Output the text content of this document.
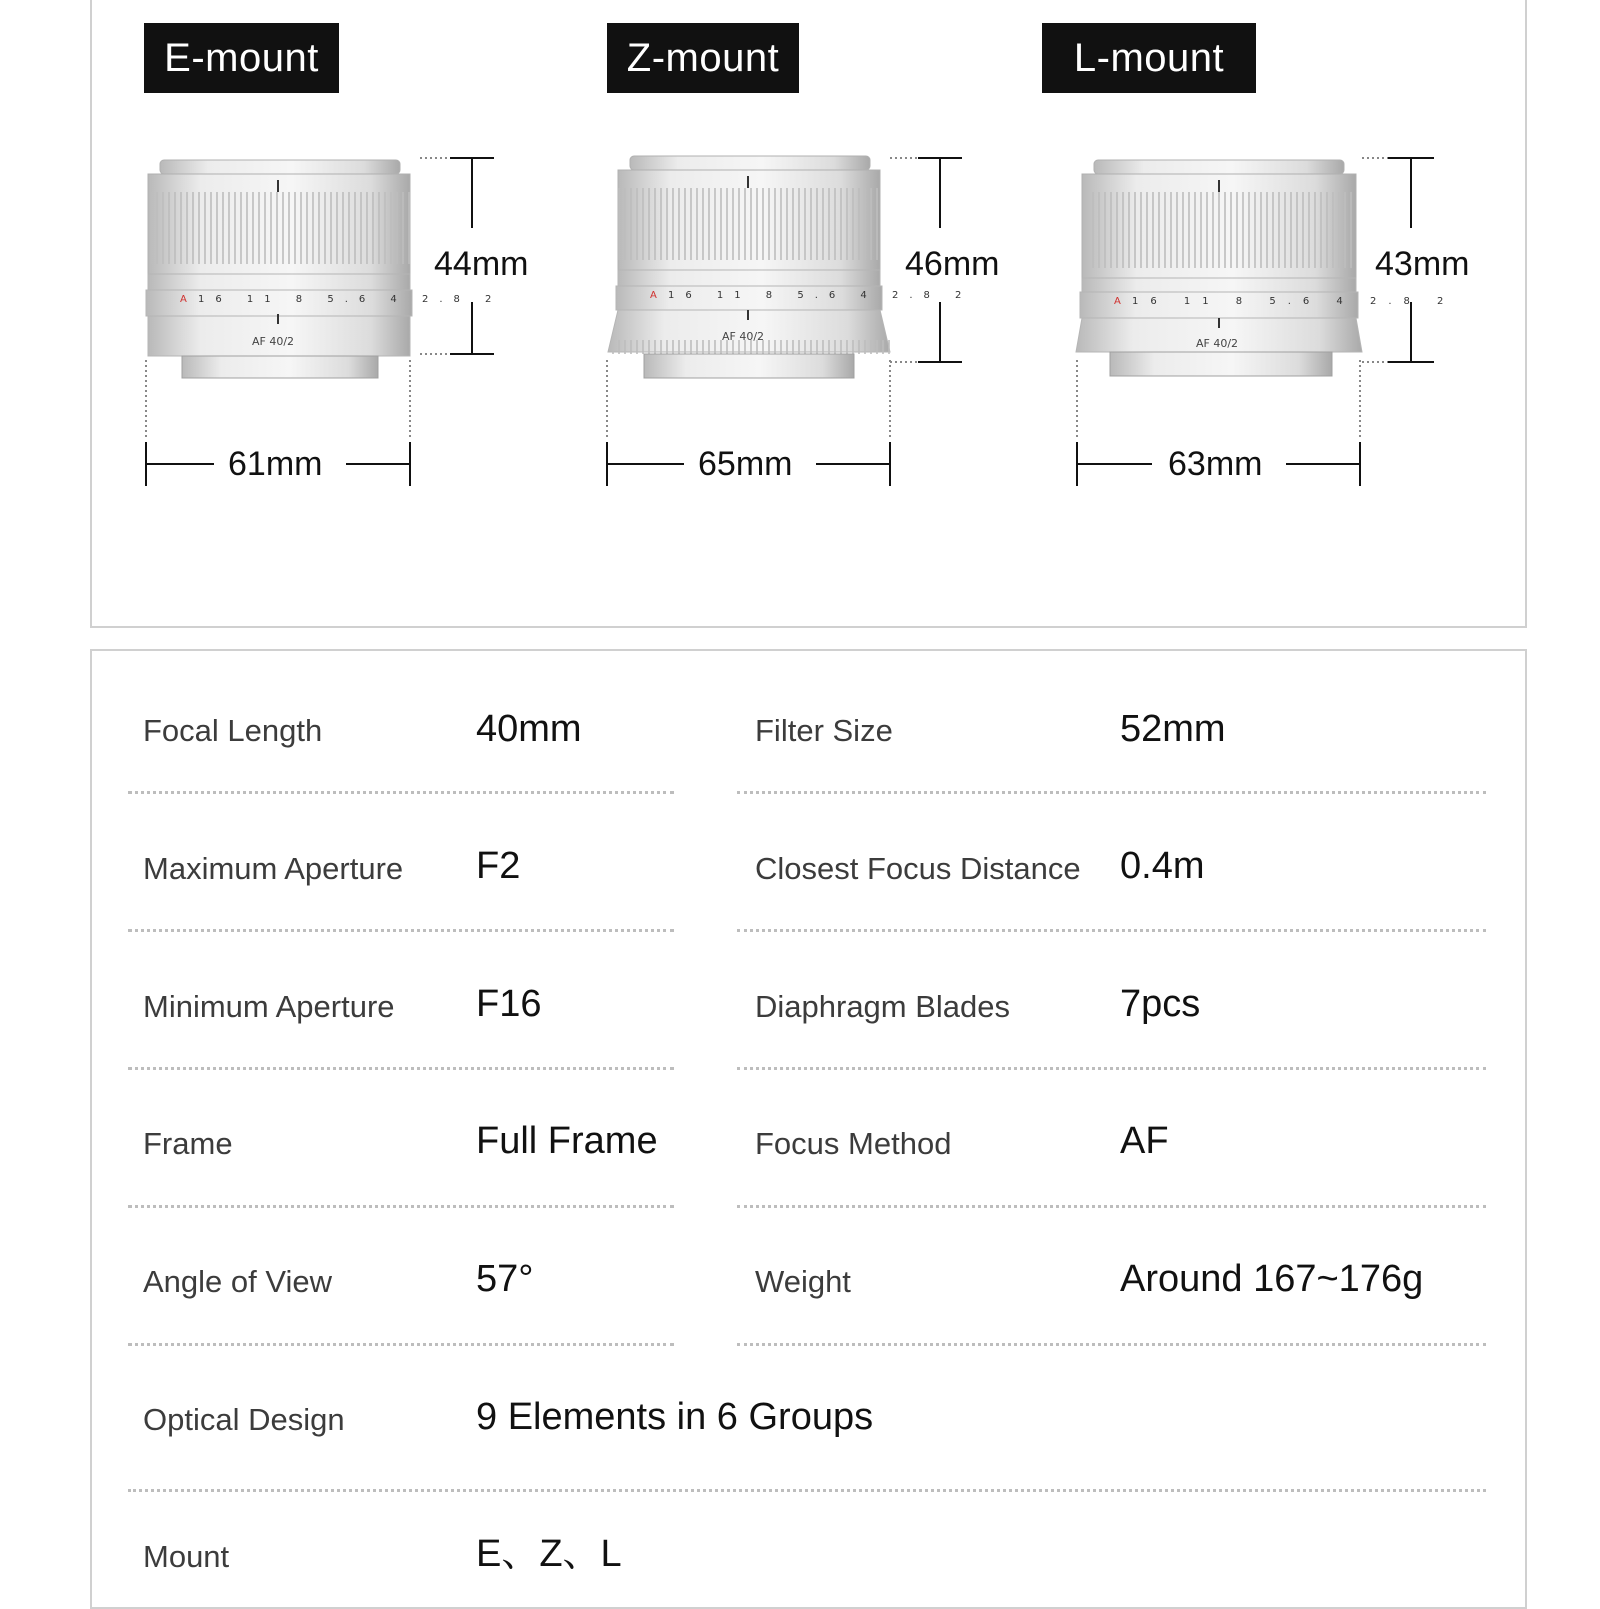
E-mount	Z-mount	L-mount
A 16 11 8 5.6 4 2.8 2
AF 40/2
A 16 11 8 5.6 4 2.8 2
AF 40/2
A 16 11 8 5.6 4 2.8 2
AF 40/2
44mm	46mm	43mm
61mm	65mm	63mm
Focal Length	40mm	Filter Size	52mm
Maximum Aperture F2	Closest Focus Distance 0.4m
Minimum Aperture F16	Diaphragm Blades	7pcs
Frame	Full Frame	Focus Method	AF
Angle of View	57°	Weight	Around 167~176g
Optical Design	9 Elements in 6 Groups
Mount	E、Z、L
